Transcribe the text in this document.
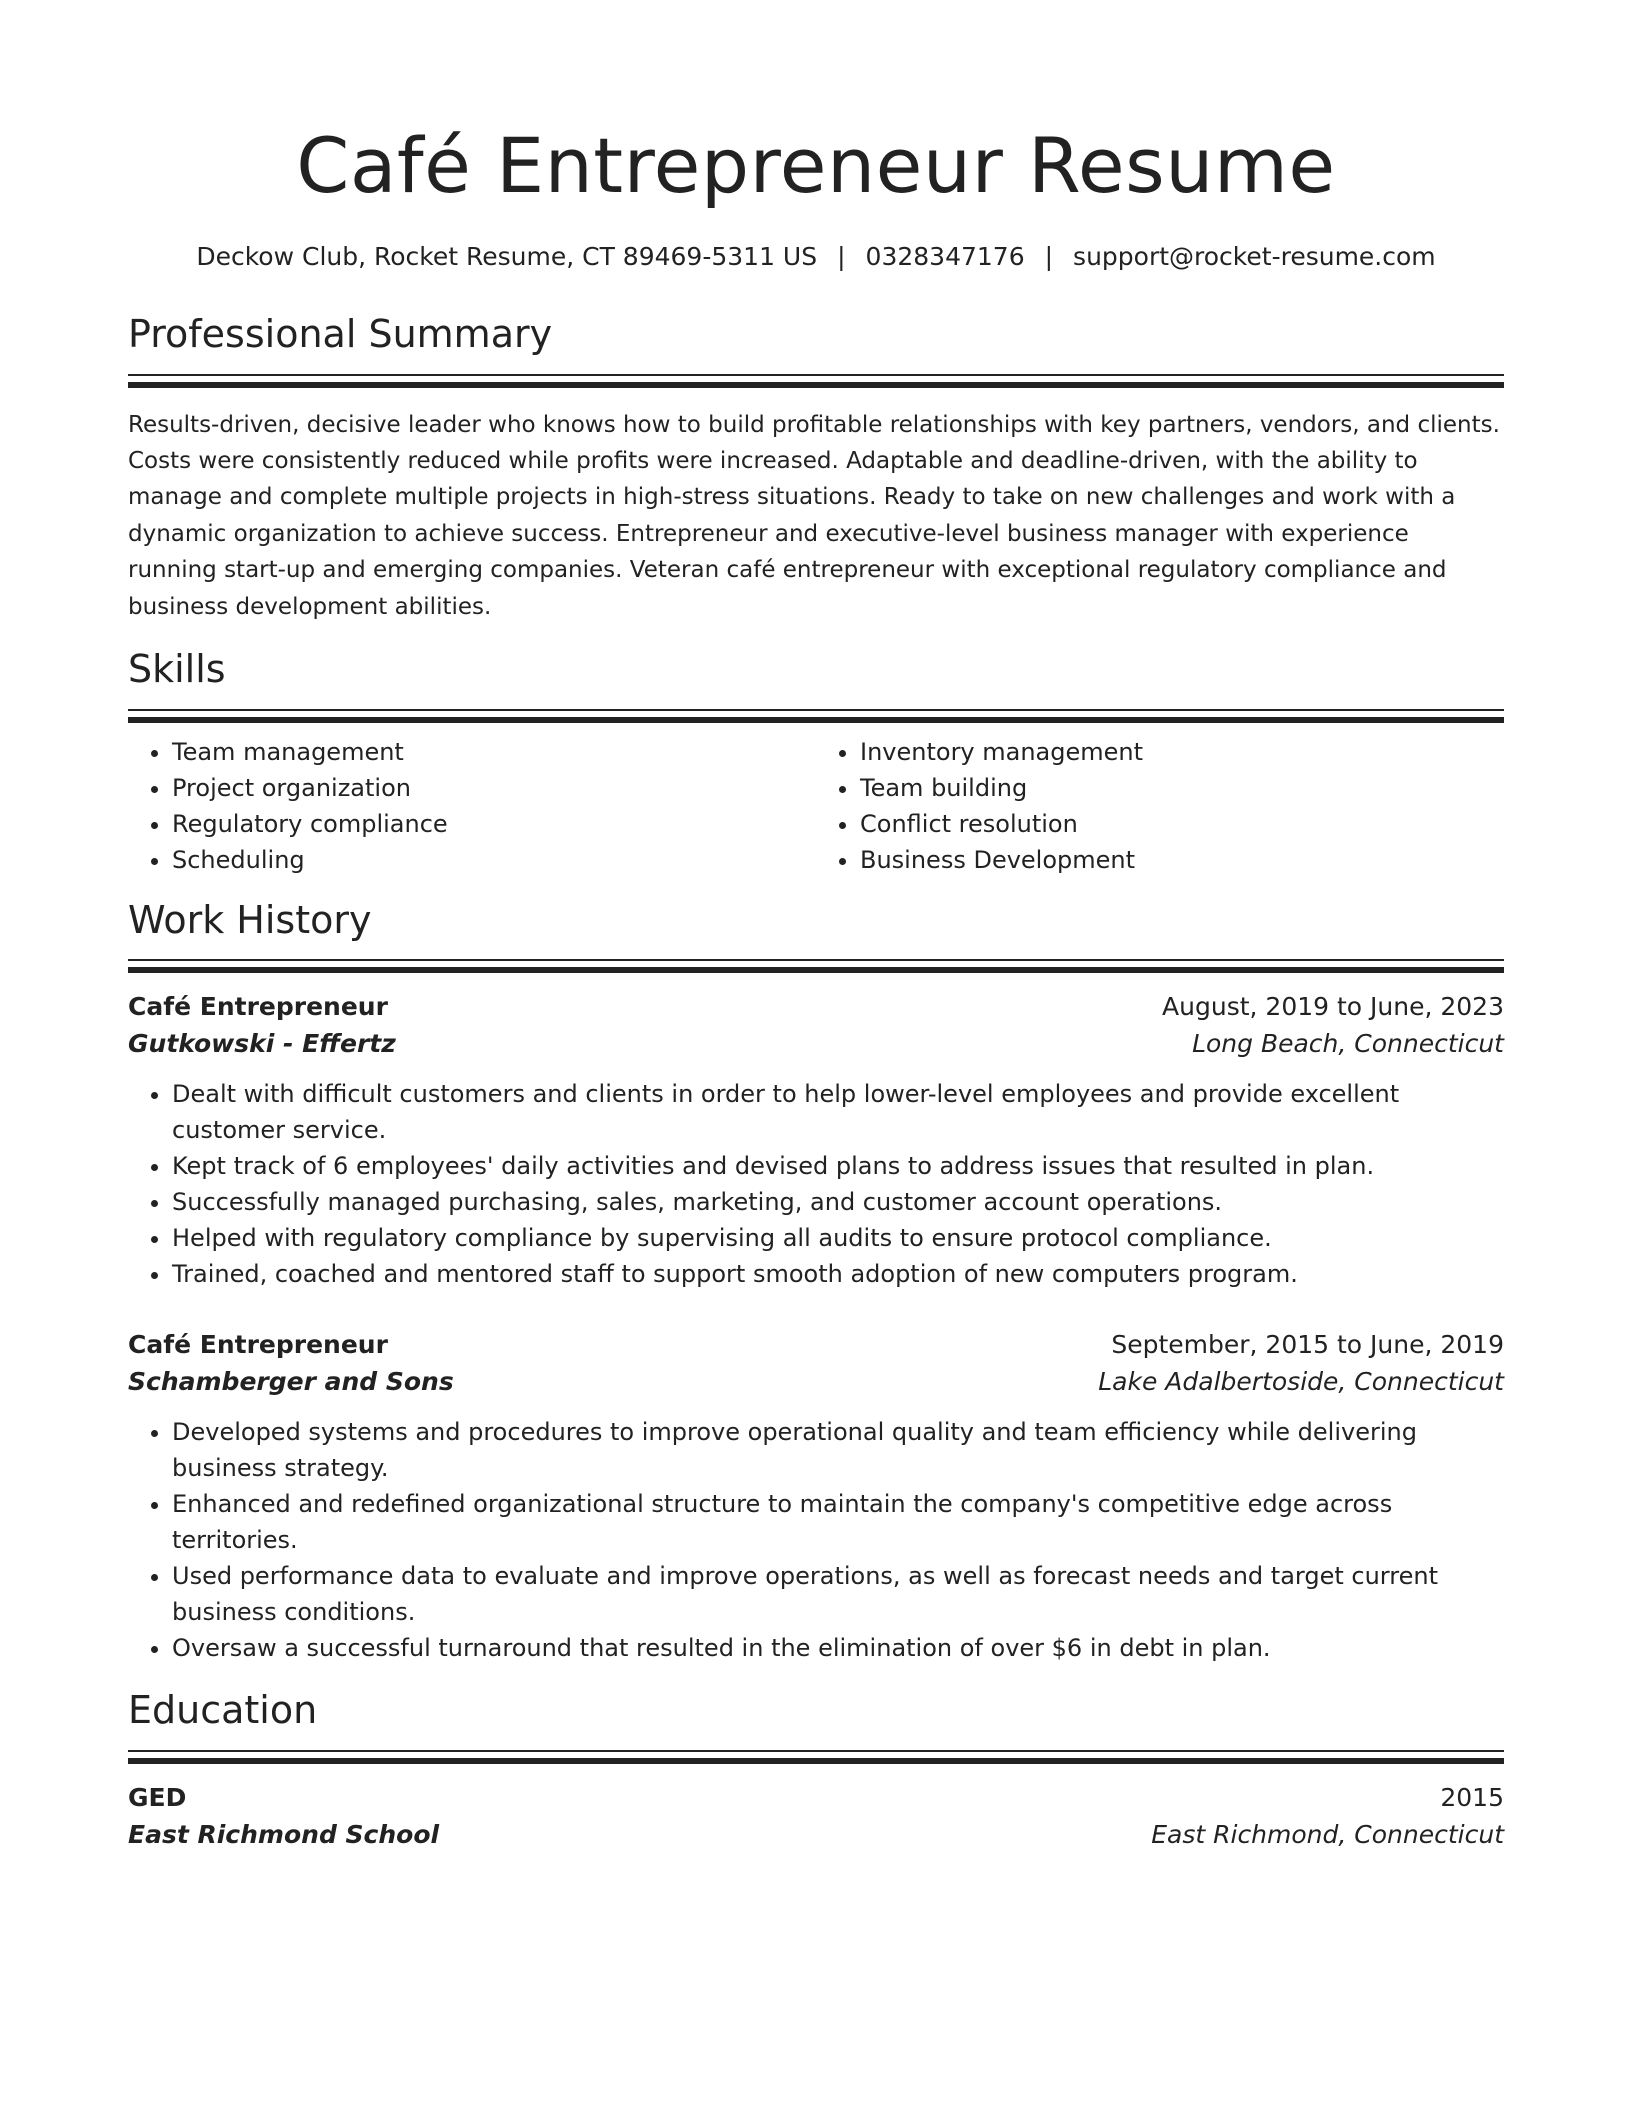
Café Entrepreneur Resume
Deckow Club, Rocket Resume, CT 89469-5311 US | 0328347176 | support@rocket-resume.com
Professional Summary

Results-driven, decisive leader who knows how to build profitable relationships with key partners, vendors, and clients. Costs were consistently reduced while profits were increased. Adaptable and deadline-driven, with the ability to manage and complete multiple projects in high-stress situations. Ready to take on new challenges and work with a dynamic organization to achieve success. Entrepreneur and executive-level business manager with experience running start-up and emerging companies. Veteran café entrepreneur with exceptional regulatory compliance and business development abilities.

Skills
• Team management
• Project organization
• Regulatory compliance
• Scheduling
• Inventory management
• Team building
• Conflict resolution
• Business Development
Work History
Café Entrepreneur	August, 2019 to June, 2023
Gutkowski - Effertz	Long Beach, Connecticut
• Dealt with difficult customers and clients in order to help lower-level employees and provide excellent customer service.
• Kept track of 6 employees' daily activities and devised plans to address issues that resulted in plan.
• Successfully managed purchasing, sales, marketing, and customer account operations.
• Helped with regulatory compliance by supervising all audits to ensure protocol compliance.
• Trained, coached and mentored staff to support smooth adoption of new computers program.
Café Entrepreneur	September, 2015 to June, 2019
Schamberger and Sons	Lake Adalbertoside, Connecticut
• Developed systems and procedures to improve operational quality and team efficiency while delivering business strategy.
• Enhanced and redefined organizational structure to maintain the company's competitive edge across territories.
• Used performance data to evaluate and improve operations, as well as forecast needs and target current business conditions.
• Oversaw a successful turnaround that resulted in the elimination of over $6 in debt in plan.
Education
GED	2015
East Richmond School	East Richmond, Connecticut
